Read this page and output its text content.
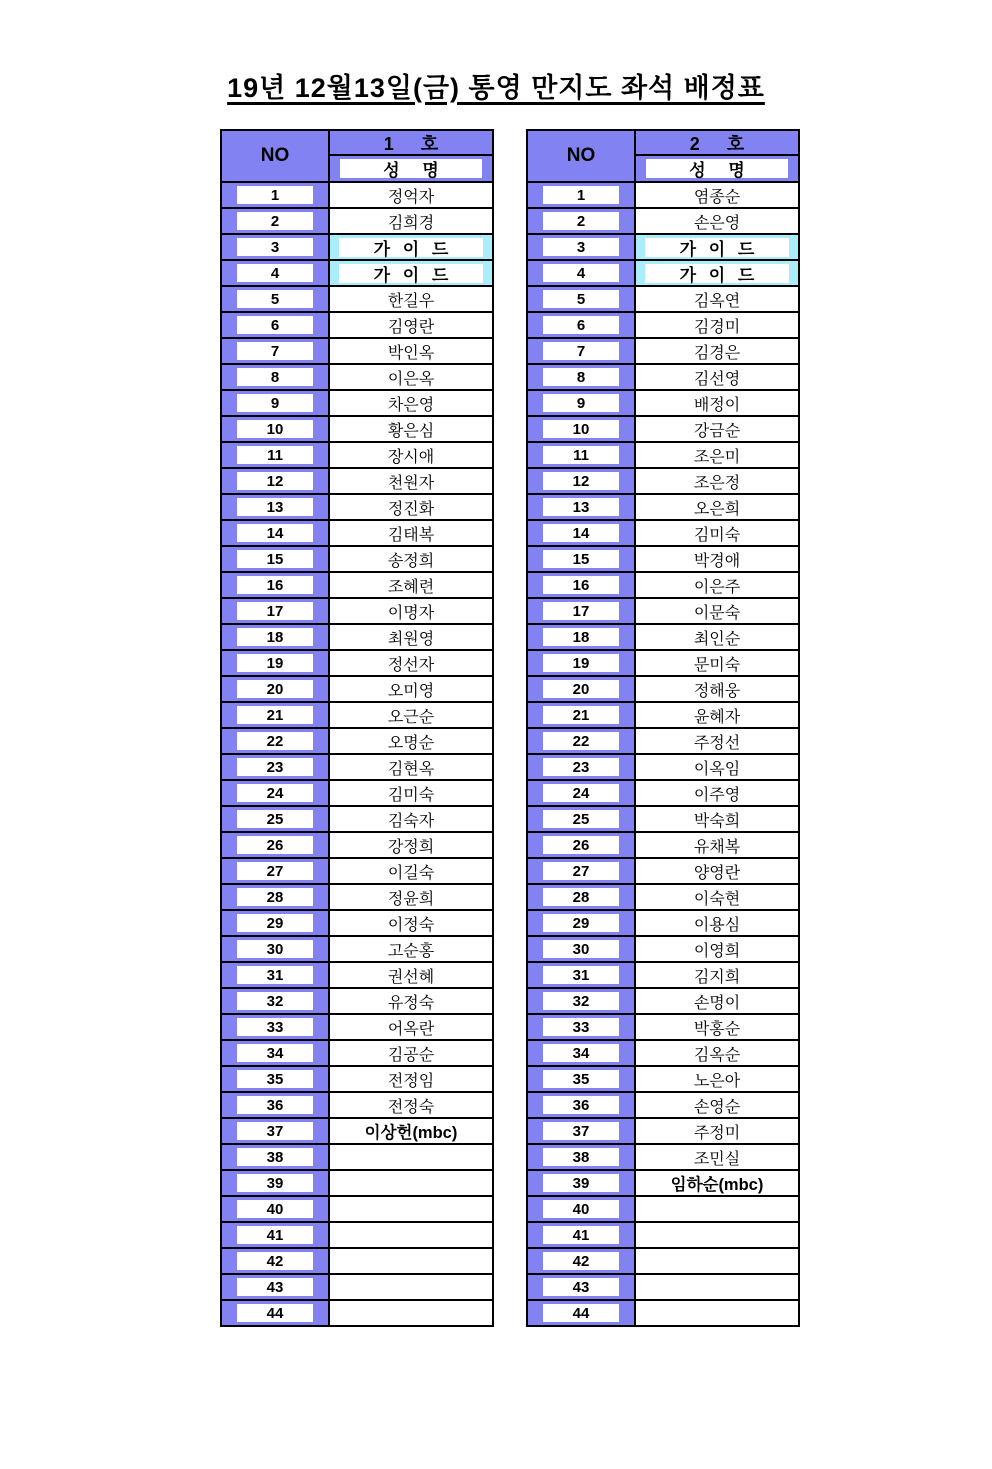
19년 12월13일(금) 통영 만지도 좌석 배정표
NO
1 호
성 명
1	정억자
2	김희경
3	가 이 드
4	가 이 드
5	한길우
6	김영란
7	박인옥
8	이은옥
9	차은영
10	황은심
11	장시애
12	천원자
13	정진화
14	김태복
15	송정희
16	조혜련
17	이명자
18	최원영
19	정선자
20	오미영
21	오근순
22	오명순
23	김현옥
24	김미숙
25	김숙자
26	강정희
27	이길숙
28	정윤희
29	이정숙
30	고순홍
31	권선혜
32	유정숙
33	어옥란
34	김공순
35	전정임
36	전정숙
37	이상헌(mbc)
38
39
40
41
42
43
44
NO
2 호
성 명
1	염종순
2	손은영
3	가 이 드
4	가 이 드
5	김옥연
6	김경미
7	김경은
8	김선영
9	배정이
10	강금순
11	조은미
12	조은정
13	오은희
14	김미숙
15	박경애
16	이은주
17	이문숙
18	최인순
19	문미숙
20	정해웅
21	윤혜자
22	주정선
23	이옥임
24	이주영
25	박숙희
26	유채복
27	양영란
28	이숙현
29	이용심
30	이영희
31	김지희
32	손명이
33	박홍순
34	김옥순
35	노은아
36	손영순
37	주정미
38	조민실
39	임하순(mbc)
40
41
42
43
44
